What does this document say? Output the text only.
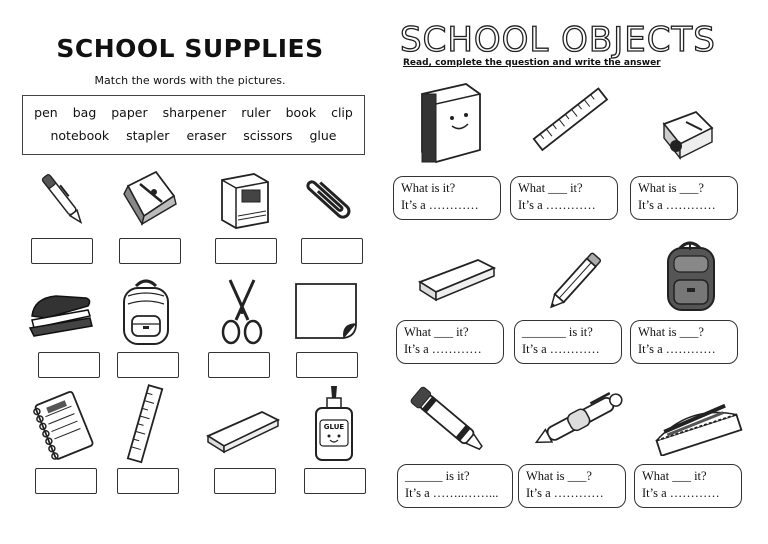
SCHOOL SUPPLIES
Match the words with the pictures.
pen bag paper sharpener ruler book clip
notebook stapler eraser scissors glue
GLUE
SCHOOL OBJECTS
Read, complete the question and write the answer
What is it?
It’s a …………
What ___ it?
It’s a …………
What is ___?
It’s a …………
What ___ it?
It’s a …………
_______ is it?
It’s a …………
What is ___?
It’s a …………
______ is it?
It’s a ……..……...
What is ___?
It’s a …………
What ___ it?
It’s a …………
